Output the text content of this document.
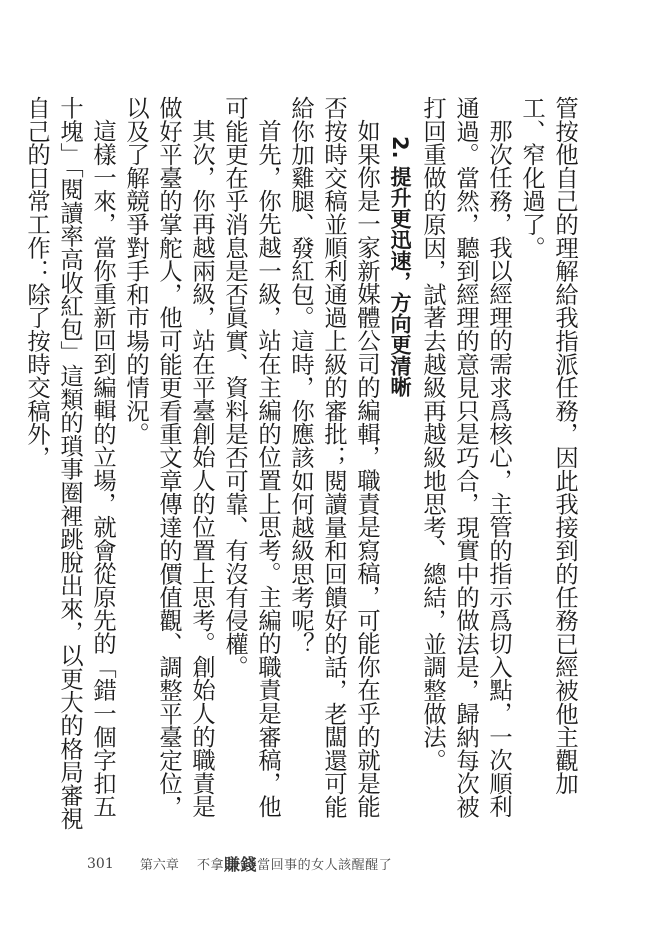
管按他自己的理解給我指派任務，因此我接到的任務已經被他主觀加工、窄化過了。

那次任務，我以經理的需求爲核心，主管的指示爲切入點，一次順利通過。當然，聽到經理的意見只是巧合，現實中的做法是，歸納每次被打回重做的原因，試著去越級再越級地思考、總結，並調整做法。

2. 提升更迅速，方向更清晰

如果你是一家新媒體公司的編輯，職責是寫稿，可能你在乎的就是能否按時交稿並順利通過上級的審批；閱讀量和回饋好的話，老闆還可能給你加雞腿、發紅包。這時，你應該如何越級思考呢？

首先，你先越一級，站在主編的位置上思考。主編的職責是審稿，他可能更在乎消息是否眞實、資料是否可靠、有沒有侵權。

其次，你再越兩級，站在平臺創始人的位置上思考。創始人的職責是做好平臺的掌舵人，他可能更看重文章傳達的價值觀、調整平臺定位，以及了解競爭對手和市場的情況。

這樣一來，當你重新回到編輯的立場，就會從原先的「錯一個字扣五十塊」「閱讀率高收紅包」這類的瑣事圈裡跳脫出來，以更大的格局審視自己的日常工作：除了按時交稿外，

301 第六章 不拿賺錢當回事的女人該醒醒了
